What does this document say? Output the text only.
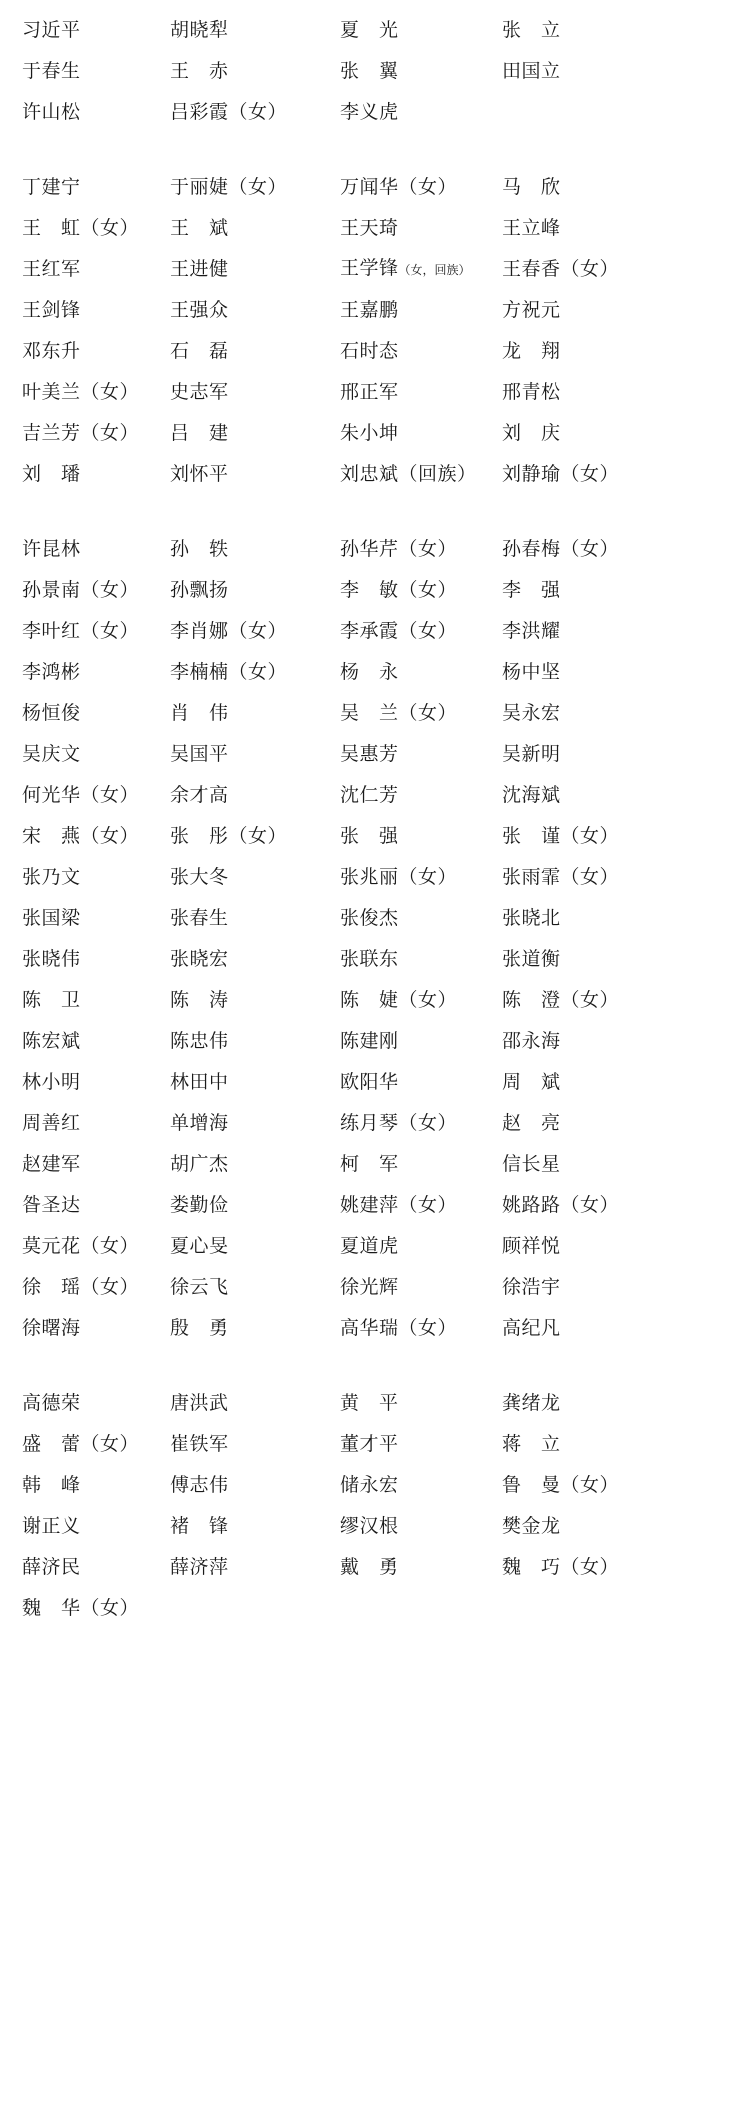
习近平	胡晓犁	夏　光	张　立
于春生	王　赤	张　翼	田国立
许山松	吕彩霞（女）	李义虎
丁建宁	于丽婕（女）	万闻华（女）	马　欣
王　虹（女）	王　斌	王天琦	王立峰
王红军	王进健	王学锋（女，回族）	王春香（女）
王剑锋	王强众	王嘉鹏	方祝元
邓东升	石　磊	石时态	龙　翔
叶美兰（女）	史志军	邢正军	邢青松
吉兰芳（女）	吕　建	朱小坤	刘　庆
刘　璠	刘怀平	刘忠斌（回族）	刘静瑜（女）
许昆林	孙　轶	孙华芹（女）	孙春梅（女）
孙景南（女）	孙飘扬	李　敏（女）	李　强
李叶红（女）	李肖娜（女）	李承霞（女）	李洪耀
李鸿彬	李楠楠（女）	杨　永	杨中坚
杨恒俊	肖　伟	吴　兰（女）	吴永宏
吴庆文	吴国平	吴惠芳	吴新明
何光华（女）	余才高	沈仁芳	沈海斌
宋　燕（女）	张　彤（女）	张　强	张　谨（女）
张乃文	张大冬	张兆丽（女）	张雨霏（女）
张国梁	张春生	张俊杰	张晓北
张晓伟	张晓宏	张联东	张道衡
陈　卫	陈　涛	陈　婕（女）	陈　澄（女）
陈宏斌	陈忠伟	陈建刚	邵永海
林小明	林田中	欧阳华	周　斌
周善红	单增海	练月琴（女）	赵　亮
赵建军	胡广杰	柯　军	信长星
昝圣达	娄勤俭	姚建萍（女）	姚路路（女）
莫元花（女）	夏心旻	夏道虎	顾祥悦
徐　瑶（女）	徐云飞	徐光辉	徐浩宇
徐曙海	殷　勇	高华瑞（女）	高纪凡
高德荣	唐洪武	黄　平	龚绪龙
盛　蕾（女）	崔铁军	董才平	蒋　立
韩　峰	傅志伟	储永宏	鲁　曼（女）
谢正义	褚　锋	缪汉根	樊金龙
薛济民	薛济萍	戴　勇	魏　巧（女）
魏　华（女）
